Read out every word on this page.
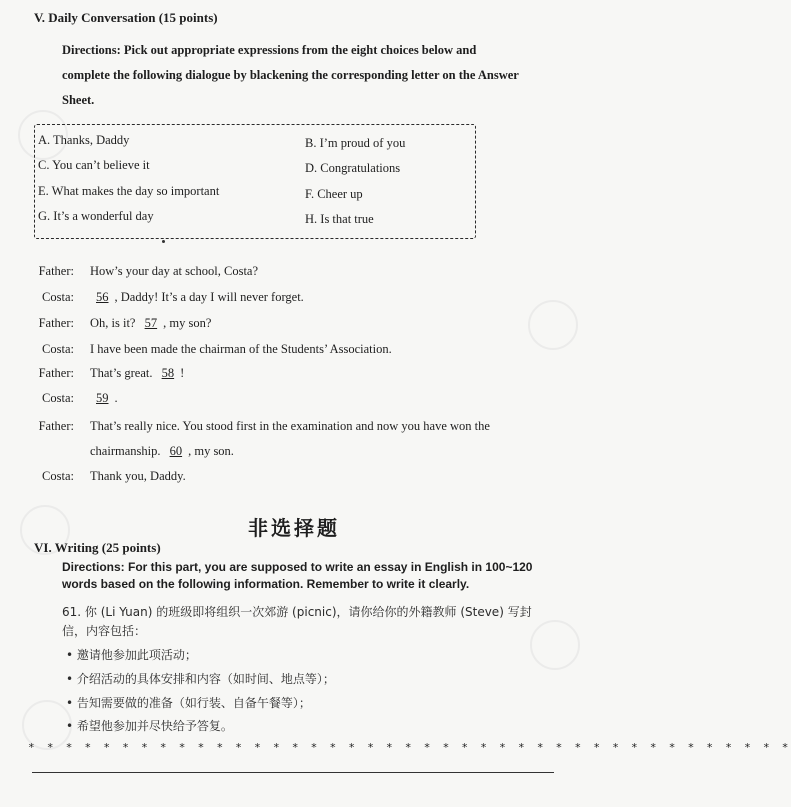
V. Daily Conversation (15 points)
Directions: Pick out appropriate expressions from the eight choices below and
complete the following dialogue by blackening the corresponding letter on the Answer
Sheet.
A. Thanks, Daddy	B. I’m proud of you
C. You can’t believe it	D. Congratulations
E. What makes the day so important	F. Cheer up
G. It’s a wonderful day	H. Is that true
Father: How’s your day at school, Costa?
Costa:	56 , Daddy! It’s a day I will never forget.
Father: Oh, is it? 57 , my son?
Costa: I have been made the chairman of the Students’ Association.
Father: That’s great. 58 !
Costa:	59 .
Father: That’s really nice. You stood first in the examination and now you have won the
chairmanship. 60 , my son.
Costa: Thank you, Daddy.
非选择题
VI. Writing (25 points)
Directions: For this part, you are supposed to write an essay in English in 100~120
words based on the following information. Remember to write it clearly.
61. 你 (Li Yuan) 的班级即将组织一次郊游 (picnic)，请你给你的外籍教师 (Steve) 写封
信，内容包括：
• 邀请他参加此项活动；
• 介绍活动的具体安排和内容（如时间、地点等）；
• 告知需要做的准备（如行装、自备午餐等）；
• 希望他参加并尽快给予答复。
* * * * * * * * * * * * * * * * * * * * * * * * * * * * * * * * * * * * * * * * *
